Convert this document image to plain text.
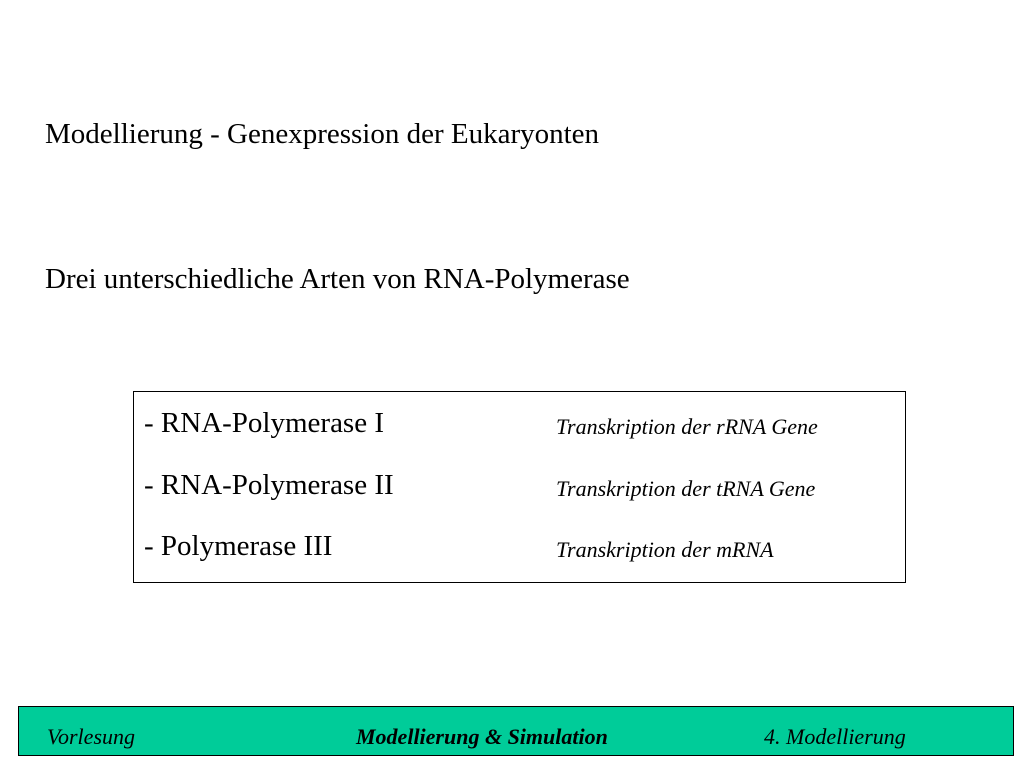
Modellierung - Genexpression der Eukaryonten
Drei unterschiedliche Arten von RNA-Polymerase
- RNA-Polymerase I	Transkription der rRNA Gene
- RNA-Polymerase II	Transkription der tRNA Gene
- Polymerase III	Transkription der mRNA
Vorlesung	Modellierung & Simulation	4. Modellierung
